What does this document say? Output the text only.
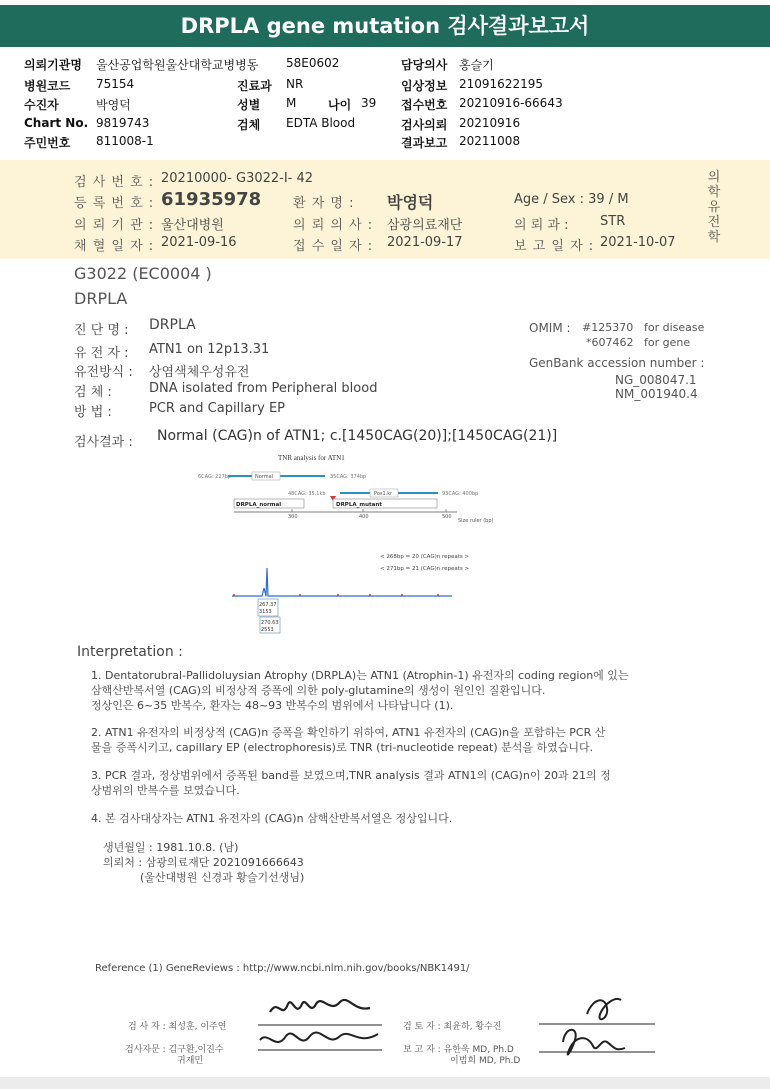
DRPLA gene mutation 검사결과보고서
의뢰기관명 울산공업학원울산대학교병병동 58E0602	담당의사 홍슬기
병원코드 75154	진료과 NR	임상정보 21091622195
수진자	박영덕	성별 M	나이 39 접수번호 20210916-66643
Chart No. 9819743	검체 EDTA Blood	검사의뢰 20210916
주민번호 811008-1	결과보고 20211008
검 사 번 호 : 20210000- G3022-I- 42
등 록 번 호 : 61935978 환 자 명 : 박영덕	Age / Sex : 39 / M
의 뢰 기 관 : 울산대병원	의 뢰 의 사 : 삼광의료재단	의 뢰 과 : STR
채 혈 일 자 : 2021-09-16	접 수 일 자 : 2021-09-17	보 고 일 자 : 2021-10-07
의
학
유
전
학
G3022 (EC0004 )
DRPLA
진 단 명 : DRPLA
유 전 자 : ATN1 on 12p13.31
유전방식 : 상염색체우성유전
검 체 :	DNA isolated from Peripheral blood
방 법 :	PCR and Capillary EP
OMIM : #125370 for disease
*607462 for gene
GenBank accession number :
NG_008047.1
NM_001940.4
검사결과 : Normal (CAG)n of ATN1; c.[1450CAG(20)];[1450CAG(21)]
TNR analysis for ATN1
6CAG: 227bp	Normal	35CAG: 374bp
48CAG: 35.1kb	Pos1.kr	93CAG: 400bp
DRPLA_normal	DRPLA_mutant
300	400	500
Size ruler (bp)
< 268bp = 20 (CAG)n repeats >
< 271bp = 21 (CAG)n repeats >
267.37
3153
270.63
2553
Interpretation :
1. Dentatorubral-Pallidoluysian Atrophy (DRPLA)는 ATN1 (Atrophin-1) 유전자의 coding region에 있는
삼핵산반복서열 (CAG)의 비정상적 증폭에 의한 poly-glutamine의 생성이 원인인 질환입니다.
정상인은 6~35 반복수, 환자는 48~93 반복수의 범위에서 나타납니다 (1).
2. ATN1 유전자의 비정상적 (CAG)n 증폭을 확인하기 위하여, ATN1 유전자의 (CAG)n을 포함하는 PCR 산
물을 증폭시키고, capillary EP (electrophoresis)로 TNR (tri-nucleotide repeat) 분석을 하였습니다.
3. PCR 결과, 정상범위에서 증폭된 band를 보였으며,TNR analysis 결과 ATN1의 (CAG)n이 20과 21의 정
상범위의 반복수를 보였습니다.
4. 본 검사대상자는 ATN1 유전자의 (CAG)n 삼핵산반복서열은 정상입니다.
생년월일 : 1981.10.8. (남)
의뢰처 : 삼광의료재단 2021091666643
(울산대병원 신경과 황슬기선생님)
Reference (1) GeneReviews : http://www.ncbi.nlm.nih.gov/books/NBK1491/
검 사 자 : 최성훈, 이주연
검사자문 : 김구환,이진수
귀재민
검 토 자 : 최윤하, 황수진
보 고 자 : 유한욱 MD, Ph.D
이범희 MD, Ph.D
